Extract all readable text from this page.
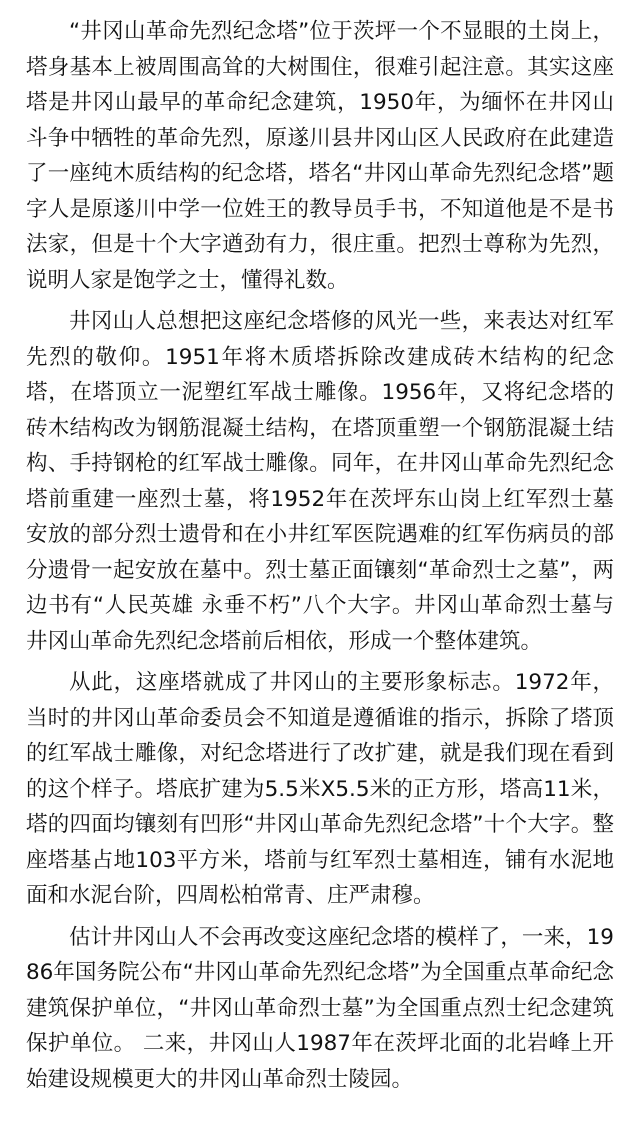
“井冈山革命先烈纪念塔”位于茨坪一个不显眼的土岗上，塔身基本上被周围高耸的大树围住，很难引起注意。其实这座塔是井冈山最早的革命纪念建筑，1950年，为缅怀在井冈山斗争中牺牲的革命先烈，原遂川县井冈山区人民政府在此建造了一座纯木质结构的纪念塔，塔名“井冈山革命先烈纪念塔”题字人是原遂川中学一位姓王的教导员手书，不知道他是不是书法家，但是十个大字遒劲有力，很庄重。把烈士尊称为先烈，说明人家是饱学之士，懂得礼数。

井冈山人总想把这座纪念塔修的风光一些，来表达对红军先烈的敬仰。1951年将木质塔拆除改建成砖木结构的纪念塔，在塔顶立一泥塑红军战士雕像。1956年，又将纪念塔的砖木结构改为钢筋混凝土结构，在塔顶重塑一个钢筋混凝土结构、手持钢枪的红军战士雕像。同年，在井冈山革命先烈纪念塔前重建一座烈士墓，将1952年在茨坪东山岗上红军烈士墓安放的部分烈士遗骨和在小井红军医院遇难的红军伤病员的部分遗骨一起安放在墓中。烈士墓正面镶刻“革命烈士之墓”，两边书有“人民英雄 永垂不朽”八个大字。井冈山革命烈士墓与井冈山革命先烈纪念塔前后相依，形成一个整体建筑。

从此，这座塔就成了井冈山的主要形象标志。1972年，当时的井冈山革命委员会不知道是遵循谁的指示，拆除了塔顶的红军战士雕像，对纪念塔进行了改扩建，就是我们现在看到的这个样子。塔底扩建为5.5米X5.5米的正方形，塔高11米，塔的四面均镶刻有凹形“井冈山革命先烈纪念塔”十个大字。整座塔基占地103平方米，塔前与红军烈士墓相连，铺有水泥地面和水泥台阶，四周松柏常青、庄严肃穆。

估计井冈山人不会再改变这座纪念塔的模样了，一来，1986年国务院公布“井冈山革命先烈纪念塔”为全国重点革命纪念建筑保护单位，“井冈山革命烈士墓”为全国重点烈士纪念建筑保护单位。 二来，井冈山人1987年在茨坪北面的北岩峰上开始建设规模更大的井冈山革命烈士陵园。
